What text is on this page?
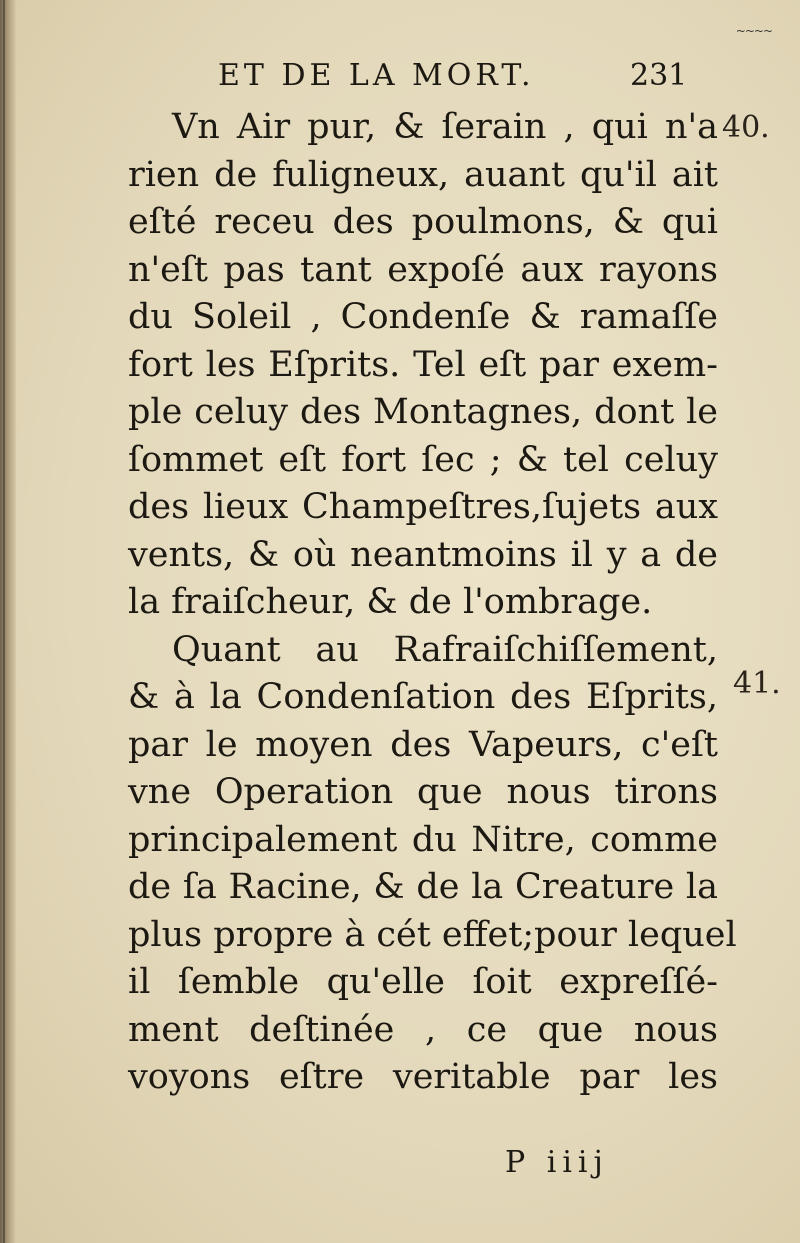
~~~~
ET DE LA MORT.	231
Vn Air pur, & ſerain , qui n'a
rien de fuligneux, auant qu'il ait
eſté receu des poulmons, & qui
n'eſt pas tant expoſé aux rayons
du Soleil , Condenſe & ramaſſe
fort les Eſprits. Tel eſt par exem-
ple celuy des Montagnes, dont le
ſommet eſt fort ſec ; & tel celuy
des lieux Champeſtres,ſujets aux
vents, & où neantmoins il y a de
la fraiſcheur, & de l'ombrage.
Quant au Rafraiſchiſſement,
& à la Condenſation des Eſprits,
par le moyen des Vapeurs, c'eſt
vne Operation que nous tirons
principalement du Nitre, comme
de ſa Racine, & de la Creature la
plus propre à cét effet;pour lequel
il ſemble qu'elle ſoit expreſſé-
ment deſtinée , ce que nous
voyons eſtre veritable par les
40.
41.
P iiij
